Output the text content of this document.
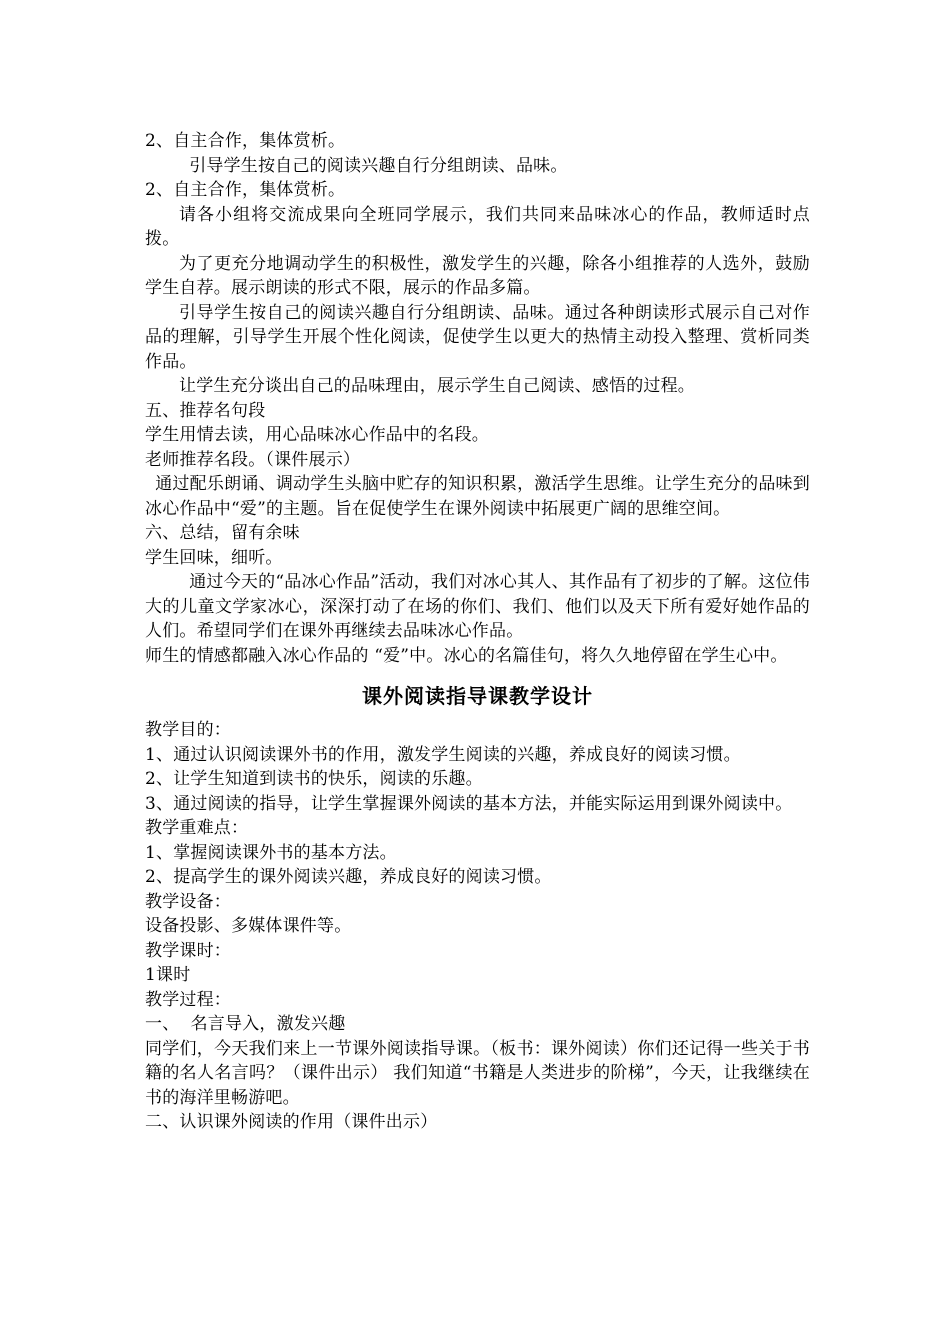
2、自主合作，集体赏析。

引导学生按自己的阅读兴趣自行分组朗读、品味。

2、自主合作，集体赏析。

请各小组将交流成果向全班同学展示，我们共同来品味冰心的作品，教师适时点拨。

为了更充分地调动学生的积极性，激发学生的兴趣，除各小组推荐的人选外，鼓励学生自荐。展示朗读的形式不限，展示的作品多篇。

引导学生按自己的阅读兴趣自行分组朗读、品味。通过各种朗读形式展示自己对作品的理解，引导学生开展个性化阅读，促使学生以更大的热情主动投入整理、赏析同类作品。

让学生充分谈出自己的品味理由，展示学生自己阅读、感悟的过程。

五、推荐名句段

学生用情去读，用心品味冰心作品中的名段。

老师推荐名段。（课件展示）

通过配乐朗诵、调动学生头脑中贮存的知识积累，激活学生思维。让学生充分的品味到冰心作品中“爱”的主题。旨在促使学生在课外阅读中拓展更广阔的思维空间。

六、总结，留有余味

学生回味，细听。

通过今天的“品冰心作品”活动，我们对冰心其人、其作品有了初步的了解。这位伟大的儿童文学家冰心，深深打动了在场的你们、我们、他们以及天下所有爱好她作品的人们。希望同学们在课外再继续去品味冰心作品。

师生的情感都融入冰心作品的 “爱”中。冰心的名篇佳句，将久久地停留在学生心中。

课外阅读指导课教学设计

教学目的：

1、通过认识阅读课外书的作用，激发学生阅读的兴趣，养成良好的阅读习惯。

2、让学生知道到读书的快乐，阅读的乐趣。

3、通过阅读的指导，让学生掌握课外阅读的基本方法，并能实际运用到课外阅读中。

教学重难点：

1、掌握阅读课外书的基本方法。

2、提高学生的课外阅读兴趣，养成良好的阅读习惯。

教学设备：

设备投影、多媒体课件等。

教学课时：

1课时

教学过程：

一、  名言导入，激发兴趣

同学们，今天我们来上一节课外阅读指导课。（板书：课外阅读）你们还记得一些关于书籍的名人名言吗？（课件出示） 我们知道“书籍是人类进步的阶梯”，今天，让我继续在书的海洋里畅游吧。

二、认识课外阅读的作用（课件出示）
